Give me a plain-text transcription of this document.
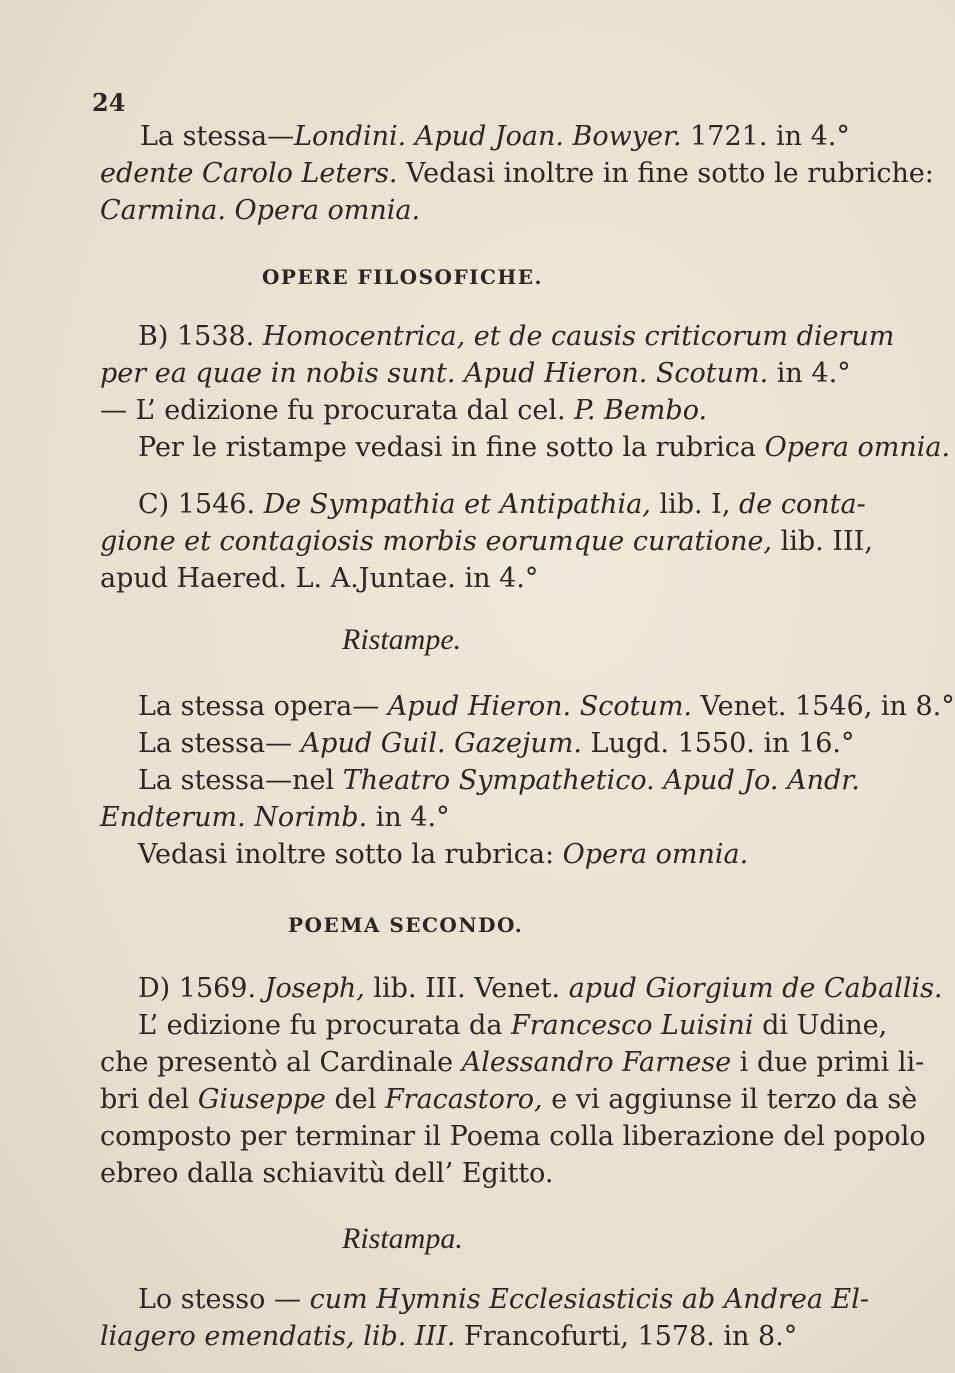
24
La stessa—Londini. Apud Joan. Bowyer. 1721. in 4.°
edente Carolo Leters. Vedasi inoltre in fine sotto le rubriche:
Carmina. Opera omnia.
OPERE FILOSOFICHE.
B) 1538. Homocentrica, et de causis criticorum dierum
per ea quae in nobis sunt. Apud Hieron. Scotum. in 4.°
— L’ edizione fu procurata dal cel. P. Bembo.
Per le ristampe vedasi in fine sotto la rubrica Opera omnia.
C) 1546. De Sympathia et Antipathia, lib. I, de conta-
gione et contagiosis morbis eorumque curatione, lib. III,
apud Haered. L. A.Juntae. in 4.°
Ristampe.
La stessa opera— Apud Hieron. Scotum. Venet. 1546, in 8.°
La stessa— Apud Guil. Gazejum. Lugd. 1550. in 16.°
La stessa—nel Theatro Sympathetico. Apud Jo. Andr.
Endterum. Norimb. in 4.°
Vedasi inoltre sotto la rubrica: Opera omnia.
POEMA SECONDO.
D) 1569. Joseph, lib. III. Venet. apud Giorgium de Caballis.
L’ edizione fu procurata da Francesco Luisini di Udine,
che presentò al Cardinale Alessandro Farnese i due primi li-
bri del Giuseppe del Fracastoro, e vi aggiunse il terzo da sè
composto per terminar il Poema colla liberazione del popolo
ebreo dalla schiavitù dell’ Egitto.
Ristampa.
Lo stesso — cum Hymnis Ecclesiasticis ab Andrea El-
liagero emendatis, lib. III. Francofurti, 1578. in 8.°
